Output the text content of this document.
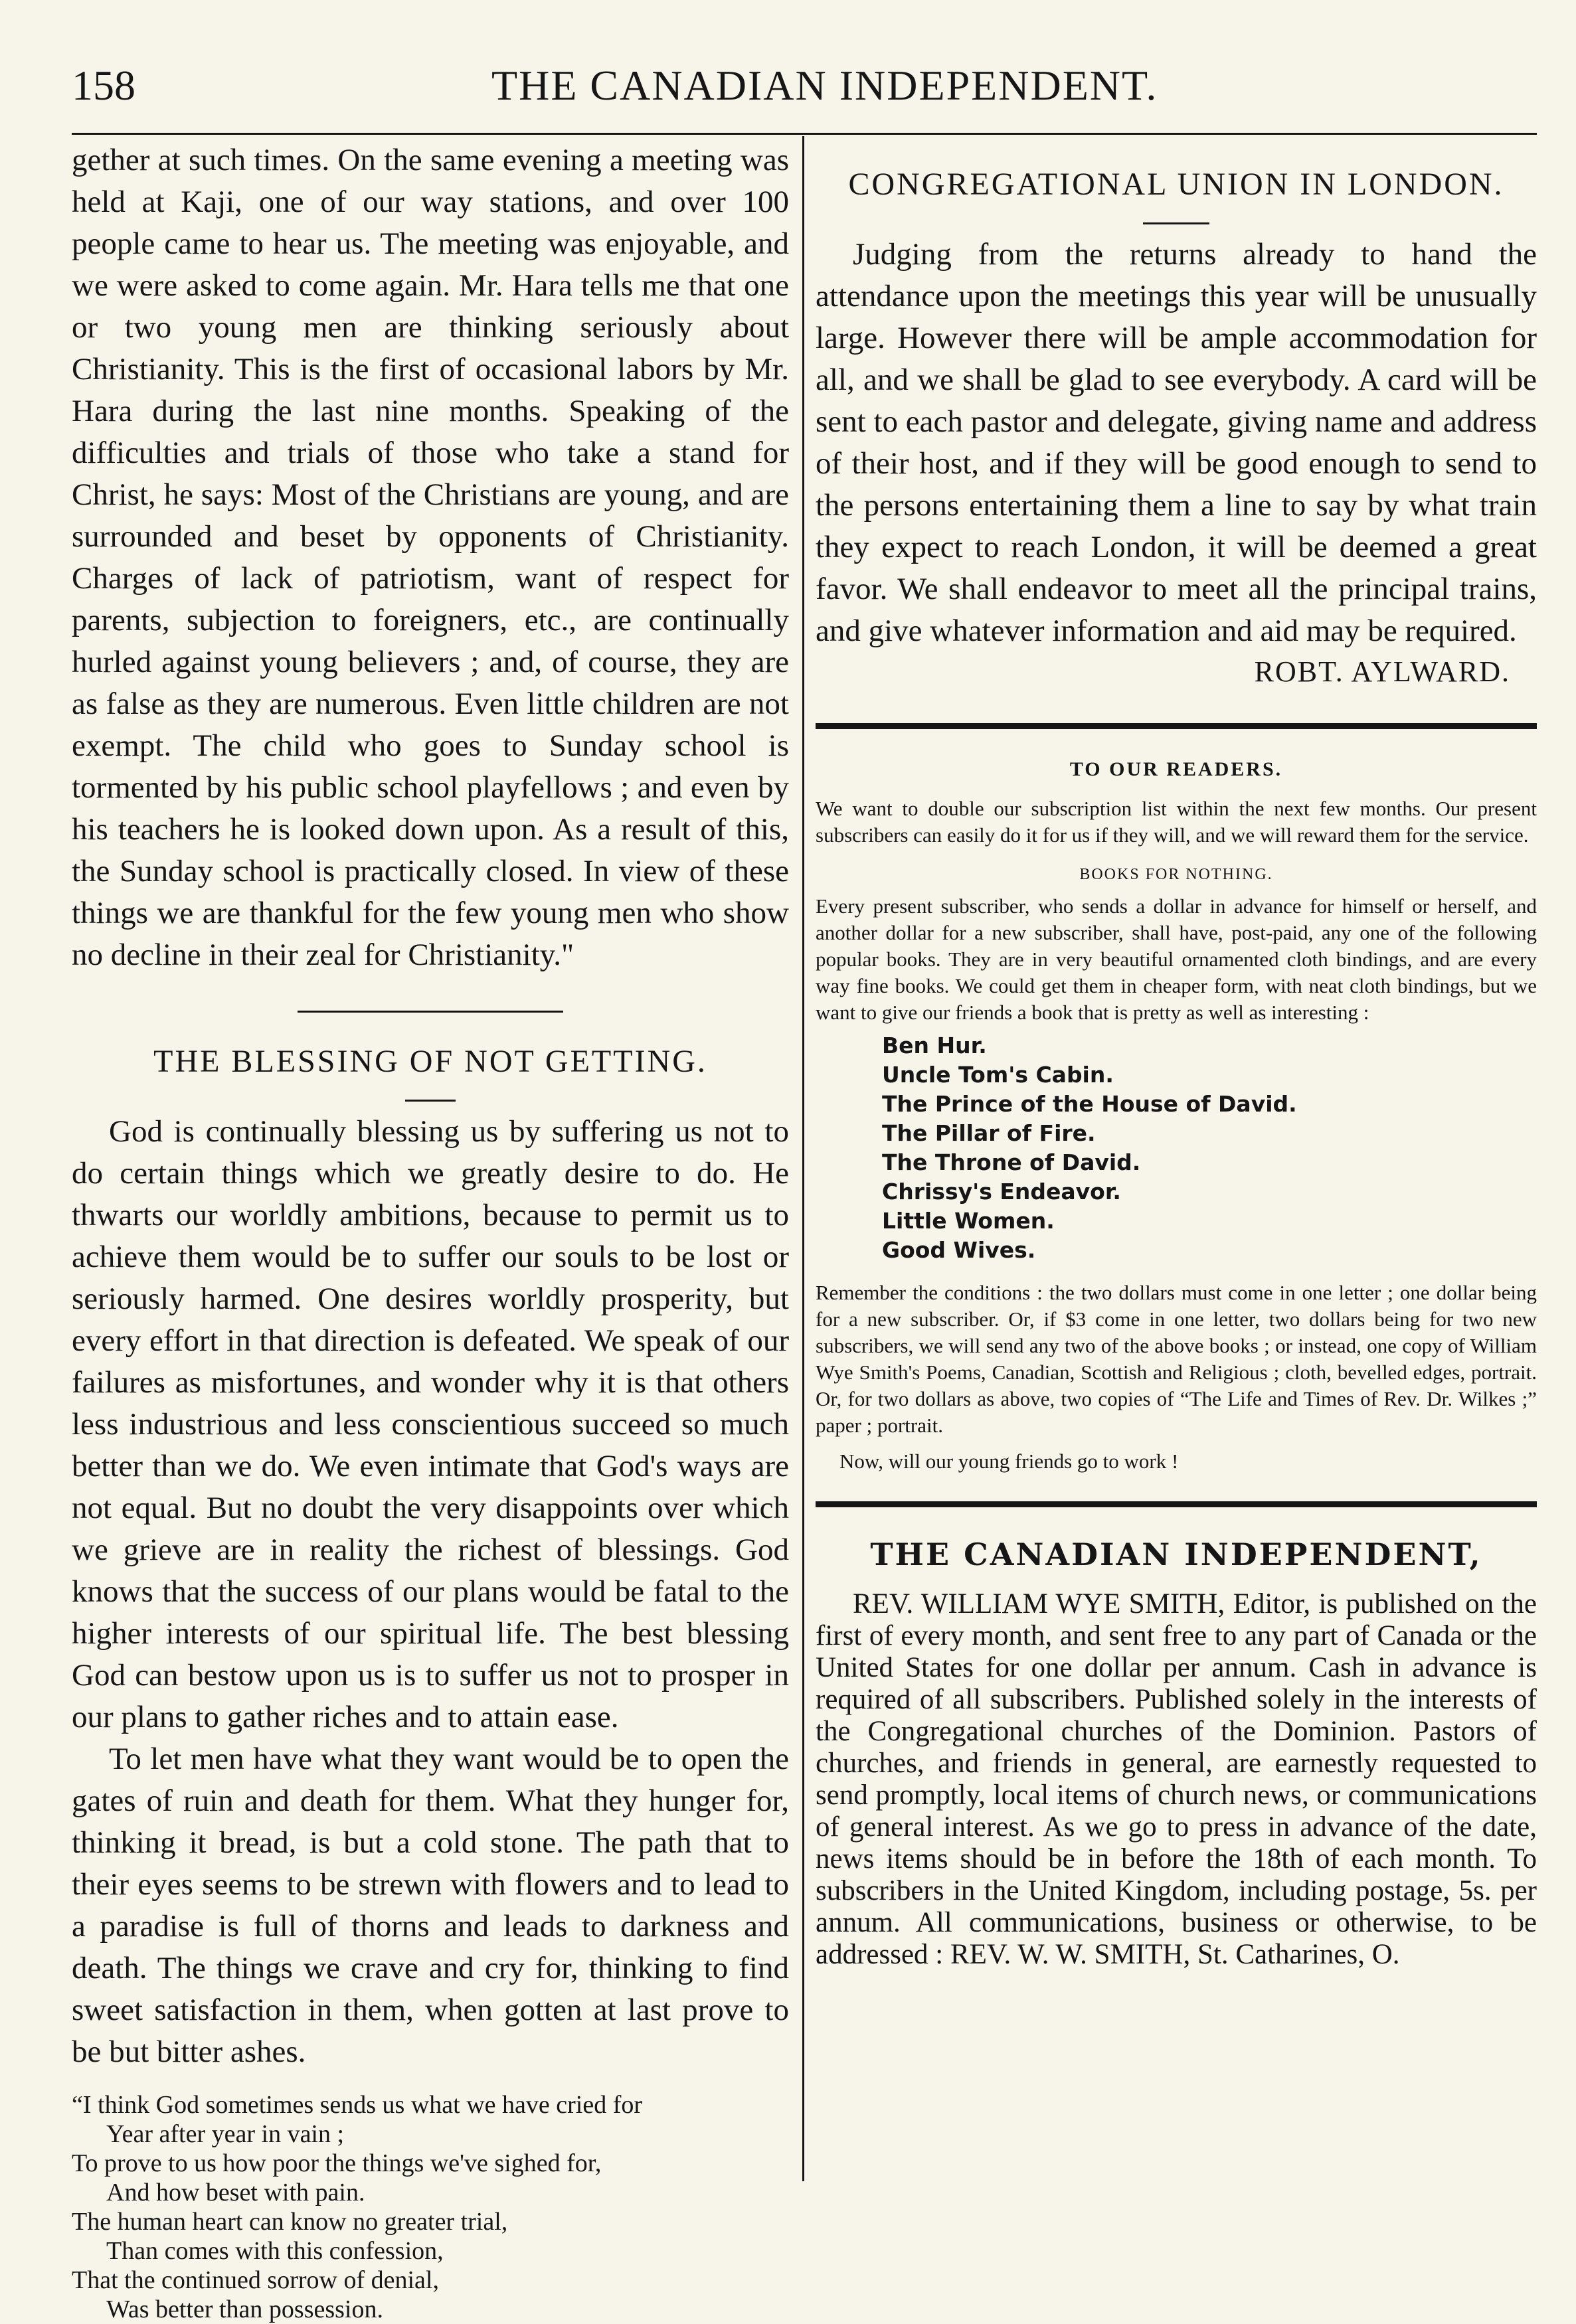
158	THE CANADIAN INDEPENDENT.

gether at such times. On the same evening a meeting was held at Kaji, one of our way stations, and over 100 people came to hear us. The meeting was enjoyable, and we were asked to come again. Mr. Hara tells me that one or two young men are thinking seriously about Christianity. This is the first of occasional labors by Mr. Hara during the last nine months. Speaking of the difficulties and trials of those who take a stand for Christ, he says: Most of the Christians are young, and are surrounded and beset by opponents of Christianity. Charges of lack of patriotism, want of respect for parents, subjection to foreigners, etc., are continually hurled against young believers ; and, of course, they are as false as they are numerous. Even little children are not exempt. The child who goes to Sunday school is tormented by his public school playfellows ; and even by his teachers he is looked down upon. As a result of this, the Sunday school is practically closed. In view of these things we are thankful for the few young men who show no decline in their zeal for Christianity."

THE BLESSING OF NOT GETTING.

God is continually blessing us by suffering us not to do certain things which we greatly desire to do. He thwarts our worldly ambitions, because to permit us to achieve them would be to suffer our souls to be lost or seriously harmed. One desires worldly prosperity, but every effort in that direction is defeated. We speak of our failures as misfortunes, and wonder why it is that others less industrious and less conscientious succeed so much better than we do. We even intimate that God's ways are not equal. But no doubt the very disappoints over which we grieve are in reality the richest of blessings. God knows that the success of our plans would be fatal to the higher interests of our spiritual life. The best blessing God can bestow upon us is to suffer us not to prosper in our plans to gather riches and to attain ease.

To let men have what they want would be to open the gates of ruin and death for them. What they hunger for, thinking it bread, is but a cold stone. The path that to their eyes seems to be strewn with flowers and to lead to a paradise is full of thorns and leads to darkness and death. The things we crave and cry for, thinking to find sweet satisfaction in them, when gotten at last prove to be but bitter ashes.

“I think God sometimes sends us what we have cried for
Year after year in vain ;
To prove to us how poor the things we've sighed for,
And how beset with pain.
The human heart can know no greater trial,
Than comes with this confession,
That the continued sorrow of denial,
Was better than possession.
CONGREGATIONAL UNION IN LONDON.

Judging from the returns already to hand the attendance upon the meetings this year will be unusually large. However there will be ample accommodation for all, and we shall be glad to see everybody. A card will be sent to each pastor and delegate, giving name and address of their host, and if they will be good enough to send to the persons entertaining them a line to say by what train they expect to reach London, it will be deemed a great favor. We shall endeavor to meet all the principal trains, and give whatever information and aid may be required.

ROBT. AYLWARD.
TO OUR READERS.

We want to double our subscription list within the next few months. Our present subscribers can easily do it for us if they will, and we will reward them for the service.

BOOKS FOR NOTHING.

Every present subscriber, who sends a dollar in advance for himself or herself, and another dollar for a new subscriber, shall have, post-paid, any one of the following popular books. They are in very beautiful ornamented cloth bindings, and are every way fine books. We could get them in cheaper form, with neat cloth bindings, but we want to give our friends a book that is pretty as well as interesting :

Ben Hur.
Uncle Tom's Cabin.
The Prince of the House of David.
The Pillar of Fire.
The Throne of David.
Chrissy's Endeavor.
Little Women.
Good Wives.

Remember the conditions : the two dollars must come in one letter ; one dollar being for a new subscriber. Or, if $3 come in one letter, two dollars being for two new subscribers, we will send any two of the above books ; or instead, one copy of William Wye Smith's Poems, Canadian, Scottish and Religious ; cloth, bevelled edges, portrait. Or, for two dollars as above, two copies of “The Life and Times of Rev. Dr. Wilkes ;” paper ; portrait.

Now, will our young friends go to work !

THE CANADIAN INDEPENDENT,

REV. WILLIAM WYE SMITH, Editor, is published on the first of every month, and sent free to any part of Canada or the United States for one dollar per annum. Cash in advance is required of all subscribers. Published solely in the interests of the Congregational churches of the Dominion. Pastors of churches, and friends in general, are earnestly requested to send promptly, local items of church news, or communications of general interest. As we go to press in advance of the date, news items should be in before the 18th of each month. To subscribers in the United Kingdom, including postage, 5s. per annum. All communications, business or otherwise, to be addressed : REV. W. W. SMITH, St. Catharines, O.
